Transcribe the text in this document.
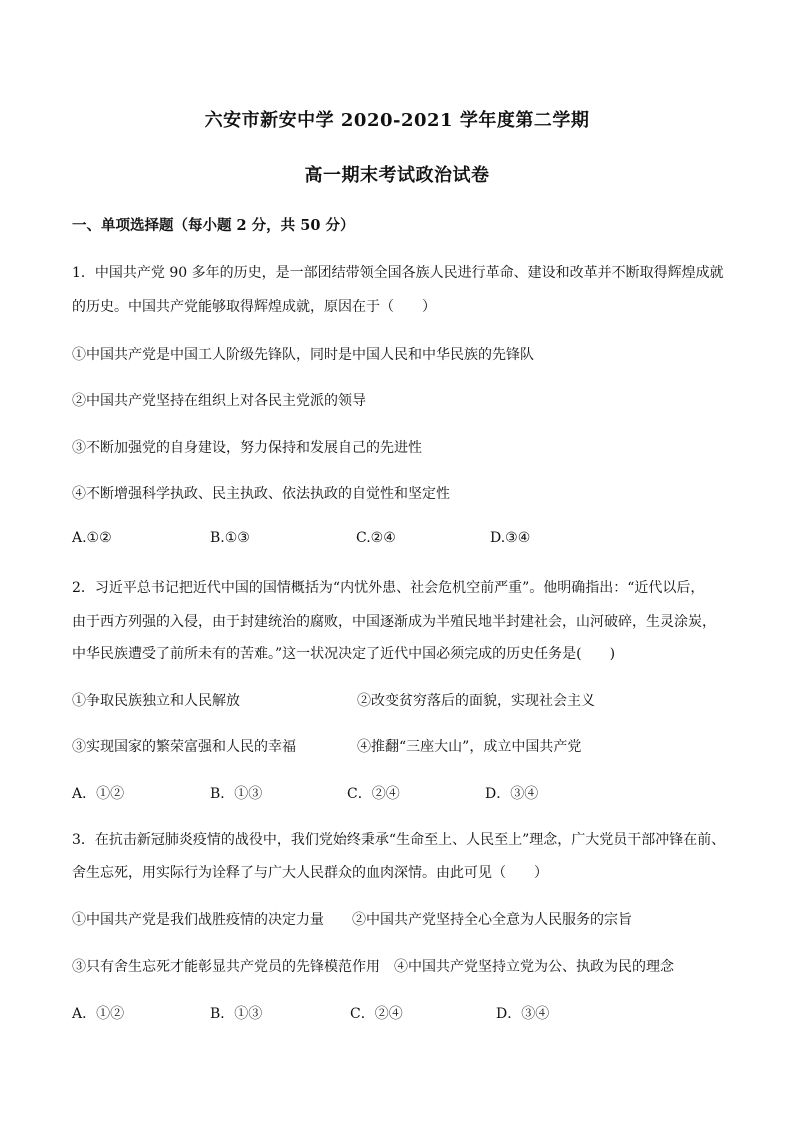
六安市新安中学 2020-2021 学年度第二学期
高一期末考试政治试卷
一、单项选择题（每小题 2 分，共 50 分）
1．中国共产党 90 多年的历史，是一部团结带领全国各族人民进行革命、建设和改革并不断取得辉煌成就
的历史。中国共产党能够取得辉煌成就，原因在于（　　）
①中国共产党是中国工人阶级先锋队，同时是中国人民和中华民族的先锋队
②中国共产党坚持在组织上对各民主党派的领导
③不断加强党的自身建设，努力保持和发展自己的先进性
④不断增强科学执政、民主执政、依法执政的自觉性和坚定性
A.①②	B.①③	C.②④	D.③④
2．习近平总书记把近代中国的国情概括为“内忧外患、社会危机空前严重”。他明确指出：“近代以后，
由于西方列强的入侵，由于封建统治的腐败，中国逐渐成为半殖民地半封建社会，山河破碎，生灵涂炭，
中华民族遭受了前所未有的苦难。”这一状况决定了近代中国必须完成的历史任务是(　　)
①争取民族独立和人民解放	②改变贫穷落后的面貌，实现社会主义
③实现国家的繁荣富强和人民的幸福	④推翻“三座大山”，成立中国共产党
A．①②	B．①③	C．②④	D．③④
3．在抗击新冠肺炎疫情的战役中，我们党始终秉承“生命至上、人民至上”理念，广大党员干部冲锋在前、
舍生忘死，用实际行为诠释了与广大人民群众的血肉深情。由此可见（　　）
①中国共产党是我们战胜疫情的决定力量 ②中国共产党坚持全心全意为人民服务的宗旨
③只有舍生忘死才能彰显共产党员的先锋模范作用 ④中国共产党坚持立党为公、执政为民的理念
A．①②	B．①③	C．②④	D．③④
